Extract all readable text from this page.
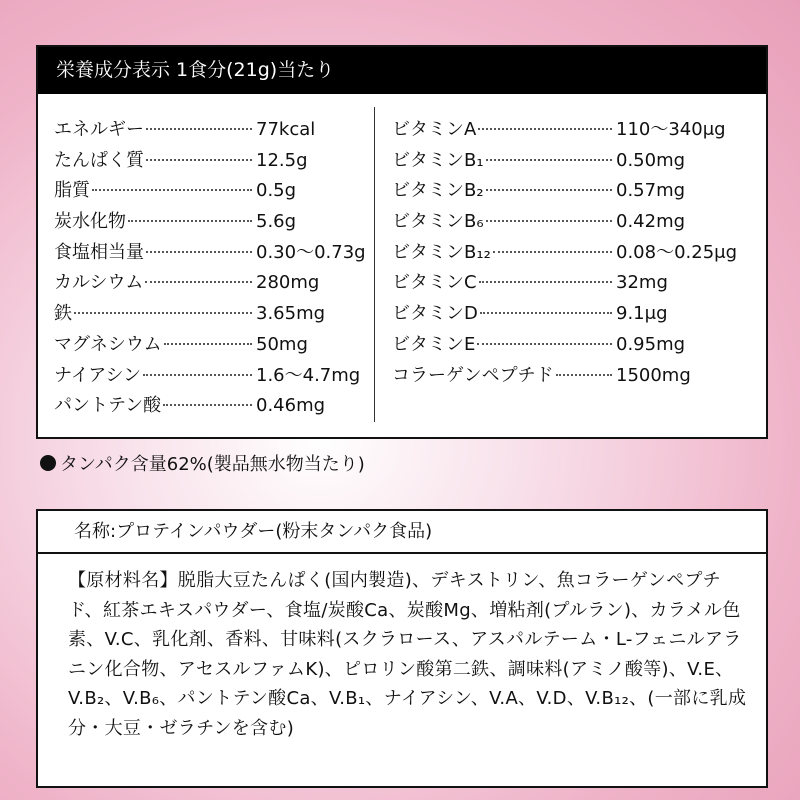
栄養成分表示 1食分(21g)当たり
エネルギー	77kcal
たんぱく質	12.5g
脂質	0.5g
炭水化物	5.6g
食塩相当量	0.30〜0.73g
カルシウム	280mg
鉄	3.65mg
マグネシウム	50mg
ナイアシン	1.6〜4.7mg
パントテン酸	0.46mg
ビタミンA	110〜340μg
ビタミンB₁	0.50mg
ビタミンB₂	0.57mg
ビタミンB₆	0.42mg
ビタミンB₁₂	0.08〜0.25μg
ビタミンC	32mg
ビタミンD	9.1μg
ビタミンE	0.95mg
コラーゲンペプチド	1500mg
タンパク含量62%(製品無水物当たり)
名称:プロテインパウダー(粉末タンパク食品)
【原材料名】脱脂大豆たんぱく(国内製造)、デキストリン、魚コラーゲンペプチド、紅茶エキスパウダー、食塩/炭酸Ca、炭酸Mg、増粘剤(プルラン)、カラメル色素、V.C、乳化剤、香料、甘味料(スクラロース、アスパルテーム・L-フェニルアラニン化合物、アセスルファムK)、ピロリン酸第二鉄、調味料(アミノ酸等)、V.E、V.B₂、V.B₆、パントテン酸Ca、V.B₁、ナイアシン、V.A、V.D、V.B₁₂、(一部に乳成分・大豆・ゼラチンを含む)
